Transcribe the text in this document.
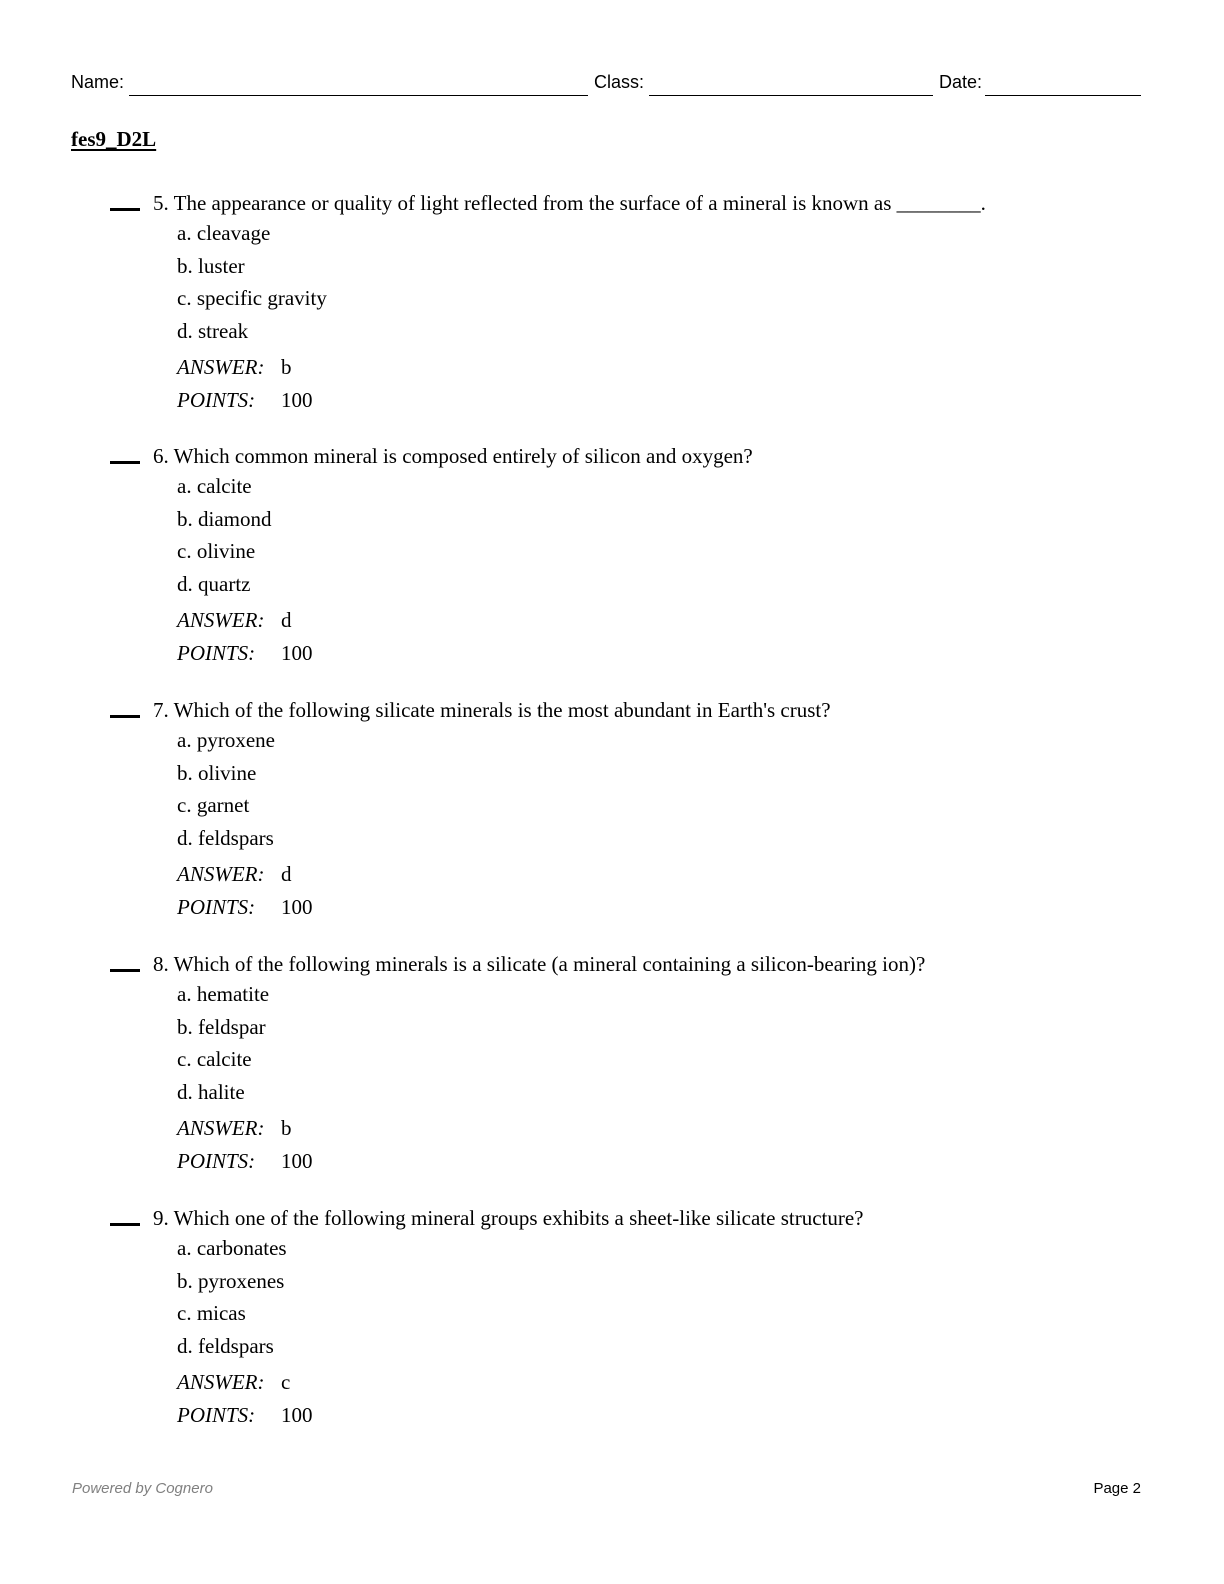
Name:	Class:	Date:
fes9_D2L
5. The appearance or quality of light reflected from the surface of a mineral is known as ________.
a. cleavage
b. luster
c. specific gravity
d. streak
ANSWER: b
POINTS: 100
6. Which common mineral is composed entirely of silicon and oxygen?
a. calcite
b. diamond
c. olivine
d. quartz
ANSWER: d
POINTS: 100
7. Which of the following silicate minerals is the most abundant in Earth's crust?
a. pyroxene
b. olivine
c. garnet
d. feldspars
ANSWER: d
POINTS: 100
8. Which of the following minerals is a silicate (a mineral containing a silicon-bearing ion)?
a. hematite
b. feldspar
c. calcite
d. halite
ANSWER: b
POINTS: 100
9. Which one of the following mineral groups exhibits a sheet-like silicate structure?
a. carbonates
b. pyroxenes
c. micas
d. feldspars
ANSWER: c
POINTS: 100
Powered by Cognero	Page 2
